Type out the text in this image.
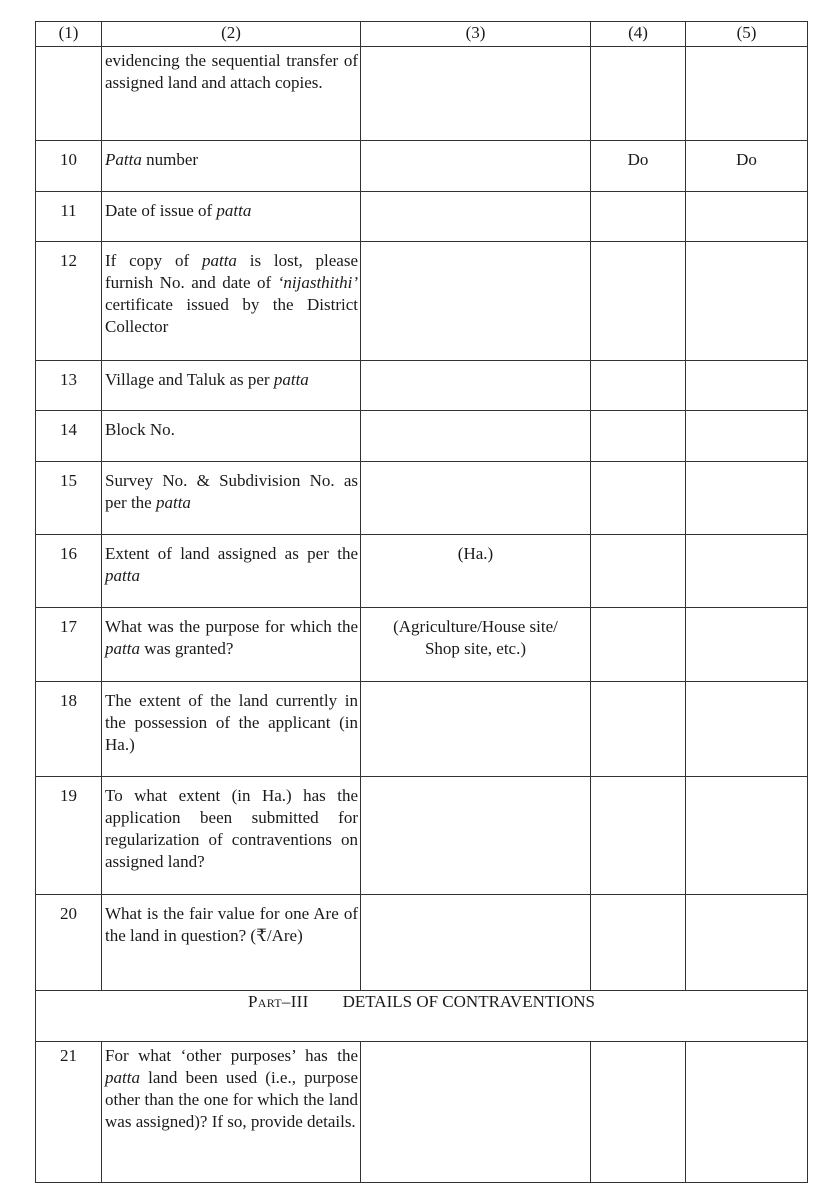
(1)	(2)	(3)	(4)	(5)
	evidencing the sequential transfer of assigned land and attach copies.			
10	Patta number		Do	Do
11	Date of issue of patta			
12	If copy of patta is lost, please furnish No. and date of ‘nijasthithi’ certificate issued by the District Collector			
13	Village and Taluk as per patta			
14	Block No.			
15	Survey No. & Subdivision No. as per the patta			
16	Extent of land assigned as per the patta	(Ha.)		
17	What was the purpose for which the patta was granted?	(Agriculture/House site/ Shop site, etc.)		
18	The extent of the land currently in the possession of the applicant (in Ha.)			
19	To what extent (in Ha.) has the application been submitted for regularization of contraventions on assigned land?			
20	What is the fair value for one Are of the land in question? (₹/Are)			
Part–III DETAILS OF CONTRAVENTIONS				
21	For what ‘other purposes’ has the patta land been used (i.e., purpose other than the one for which the land was assigned)? If so, provide details.			
